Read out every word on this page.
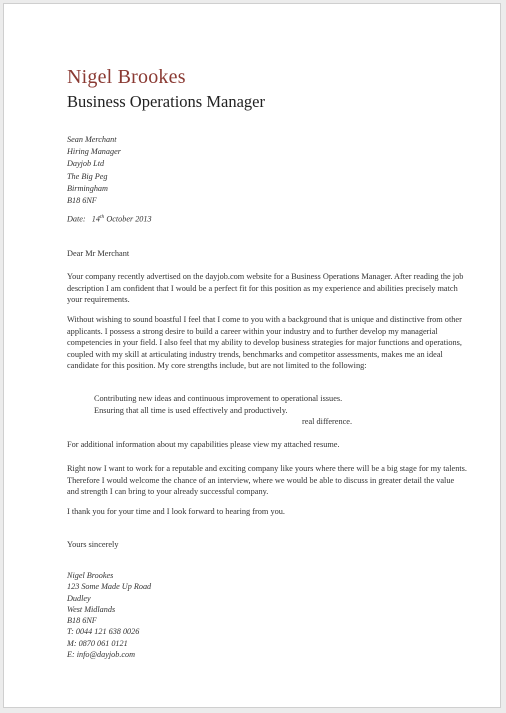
Nigel Brookes
Business Operations Manager
Sean Merchant
Hiring Manager
Dayjob Ltd
The Big Peg
Birmingham
B18 6NF
Date: 14th October 2013
Dear Mr Merchant
Your company recently advertised on the dayjob.com website for a Business Operations Manager. After reading the job description I am confident that I would be a perfect fit for this position as my experience and abilities precisely match your requirements.
Without wishing to sound boastful I feel that I come to you with a background that is unique and distinctive from other applicants. I possess a strong desire to build a career within your industry and to further develop my managerial competencies in your field. I also feel that my ability to develop business strategies for major functions and operations, coupled with my skill at articulating industry trends, benchmarks and competitor assessments, makes me an ideal candidate for this position. My core strengths include, but are not limited to the following:
Contributing new ideas and continuous improvement to operational issues.
Ensuring that all time is used effectively and productively.
real difference.
For additional information about my capabilities please view my attached resume.
Right now I want to work for a reputable and exciting company like yours where there will be a big stage for my talents. Therefore I would welcome the chance of an interview, where we would be able to discuss in greater detail the value and strength I can bring to your already successful company.
I thank you for your time and I look forward to hearing from you.
Yours sincerely
Nigel Brookes
123 Some Made Up Road
Dudley
West Midlands
B18 6NF
T: 0044 121 638 0026
M: 0870 061 0121
E: info@dayjob.com
